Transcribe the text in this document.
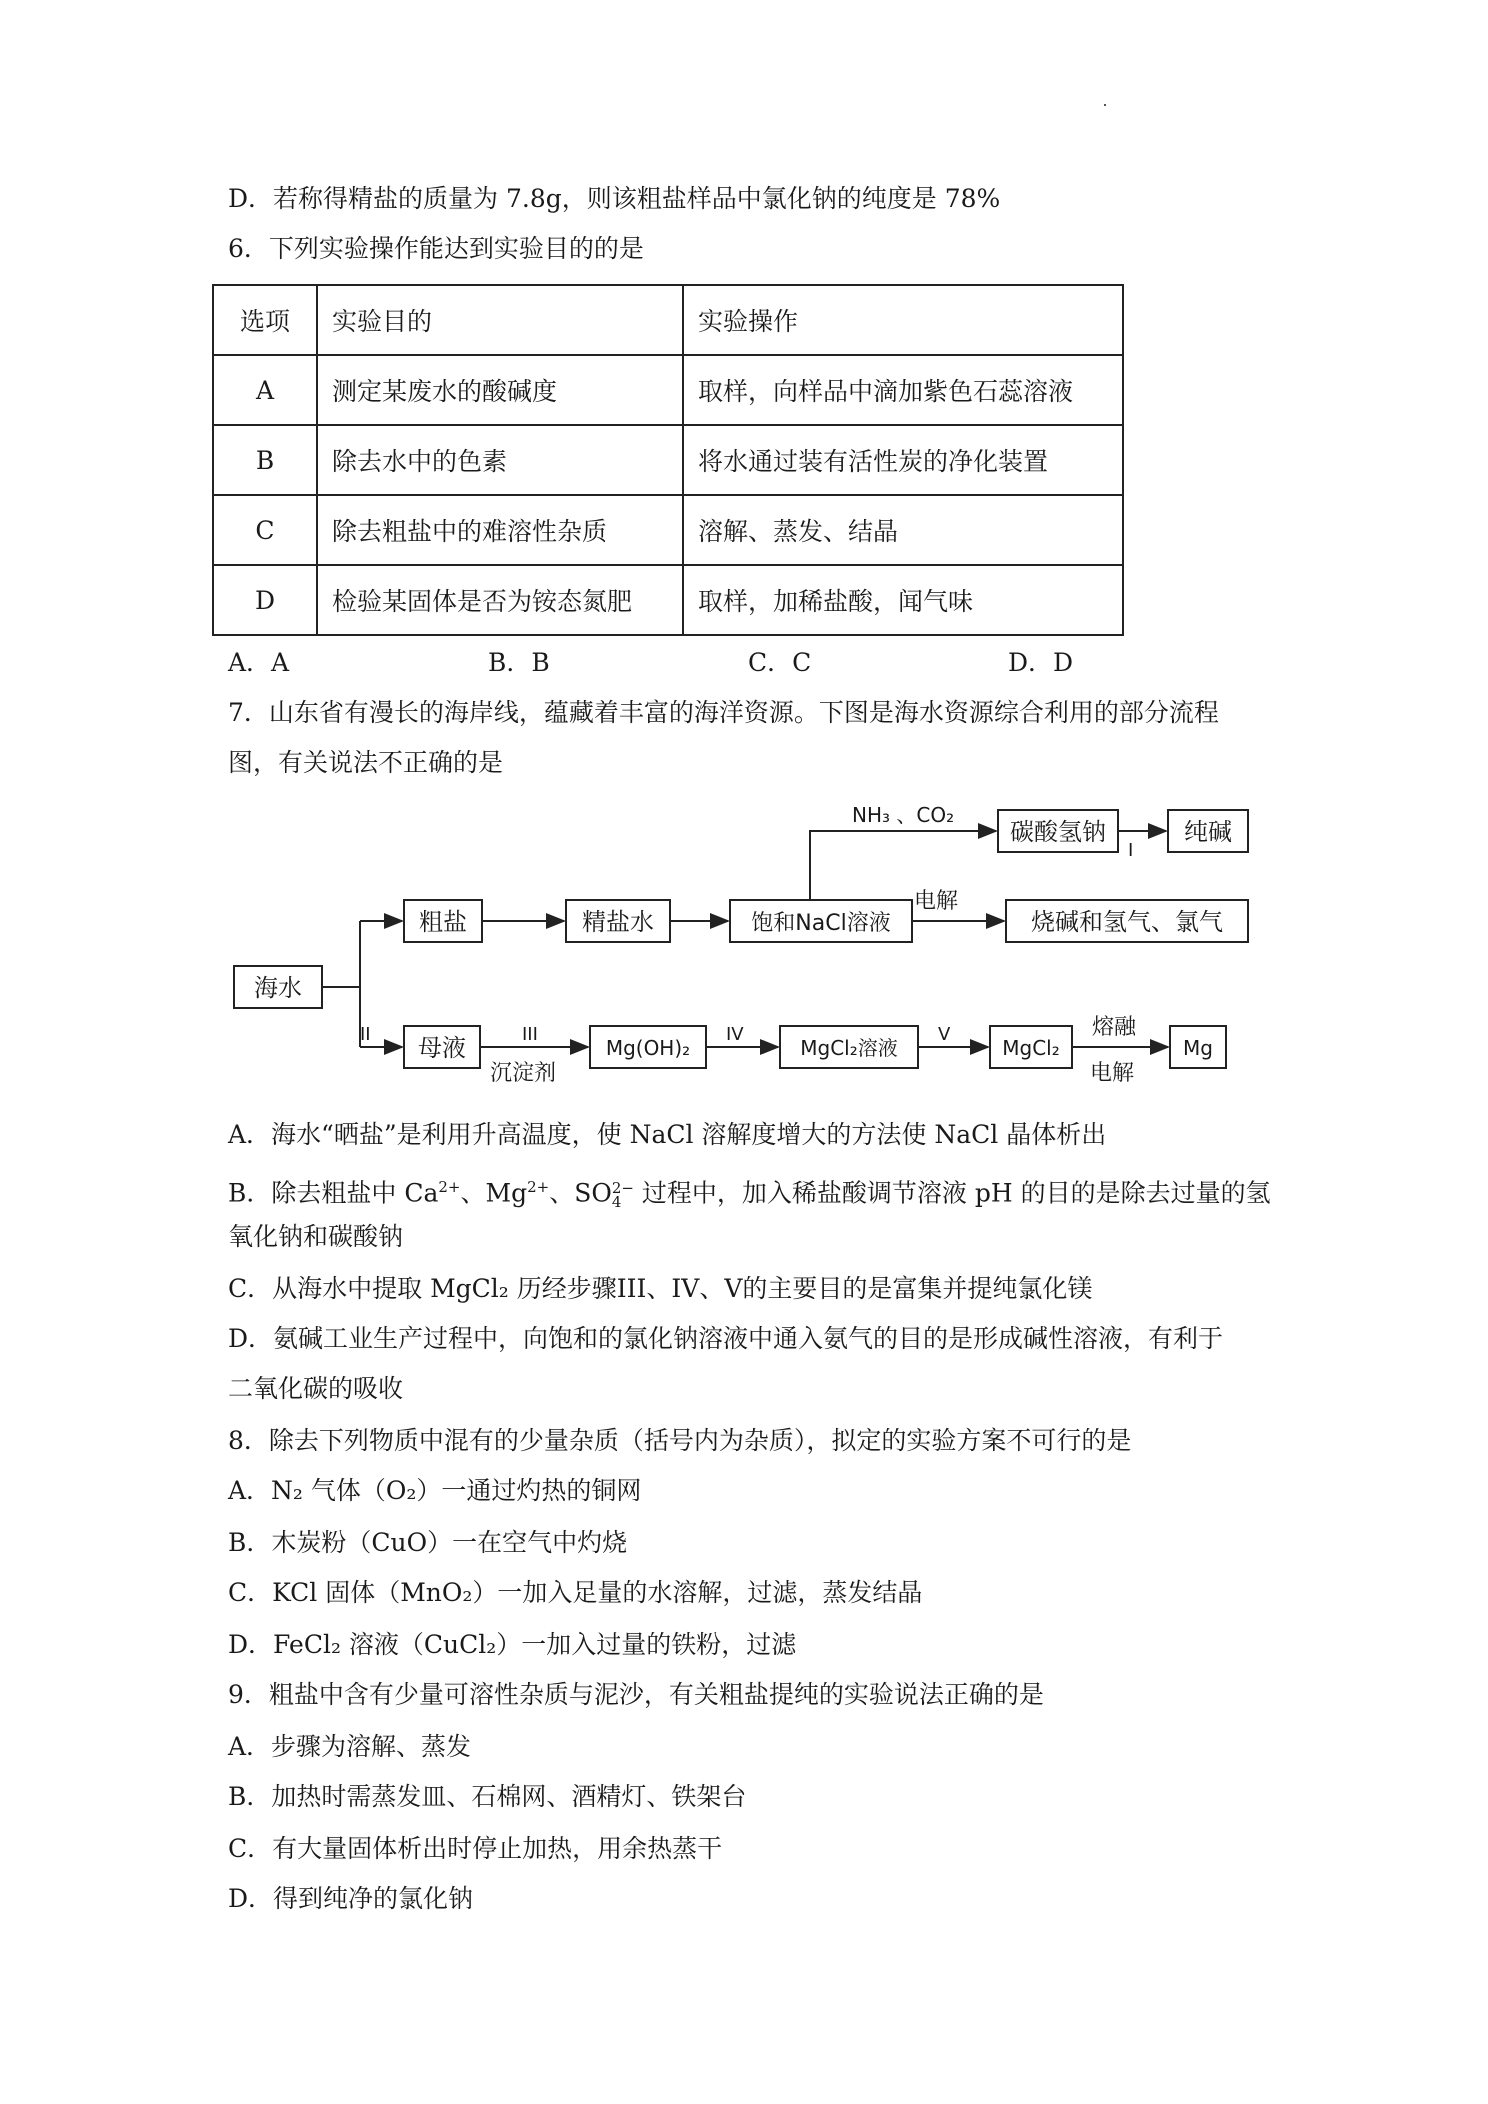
D．若称得精盐的质量为 7.8g，则该粗盐样品中氯化钠的纯度是 78%
6．下列实验操作能达到实验目的的是
选项	实验目的	实验操作
A	测定某废水的酸碱度	取样，向样品中滴加紫色石蕊溶液
B	除去水中的色素	将水通过装有活性炭的净化装置
C	除去粗盐中的难溶性杂质	溶解、蒸发、结晶
D	检验某固体是否为铵态氮肥	取样，加稀盐酸，闻气味
A．A	B．B	C．C	D．D
7．山东省有漫长的海岸线，蕴藏着丰富的海洋资源。下图是海水资源综合利用的部分流程
图，有关说法不正确的是
海水
粗盐	精盐水	饱和NaCl溶液
碳酸氢钠	纯碱
烧碱和氢气、氯气
母液	Mg(OH)₂	MgCl₂溶液	MgCl₂	Mg
NH₃ 、CO₂
电解
I
II	III
沉淀剂
IV	V	熔融
电解
A．海水“晒盐”是利用升高温度，使 NaCl 溶解度增大的方法使 NaCl 晶体析出
B．除去粗盐中 $Ca^{2+}$、$Mg^{2+}$、SO 2−
4 过程中，加入稀盐酸调节溶液 pH 的目的是除去过量的氢
氧化钠和碳酸钠
C．从海水中提取 MgCl₂ 历经步骤III、IV、V的主要目的是富集并提纯氯化镁
D．氨碱工业生产过程中，向饱和的氯化钠溶液中通入氨气的目的是形成碱性溶液，有利于
二氧化碳的吸收
8．除去下列物质中混有的少量杂质（括号内为杂质），拟定的实验方案不可行的是
A．N₂ 气体（O₂）一通过灼热的铜网
B．木炭粉（CuO）一在空气中灼烧
C．KCl 固体（MnO₂）一加入足量的水溶解，过滤，蒸发结晶
D．FeCl₂ 溶液（CuCl₂）一加入过量的铁粉，过滤
9．粗盐中含有少量可溶性杂质与泥沙，有关粗盐提纯的实验说法正确的是
A．步骤为溶解、蒸发
B．加热时需蒸发皿、石棉网、酒精灯、铁架台
C．有大量固体析出时停止加热，用余热蒸干
D．得到纯净的氯化钠
